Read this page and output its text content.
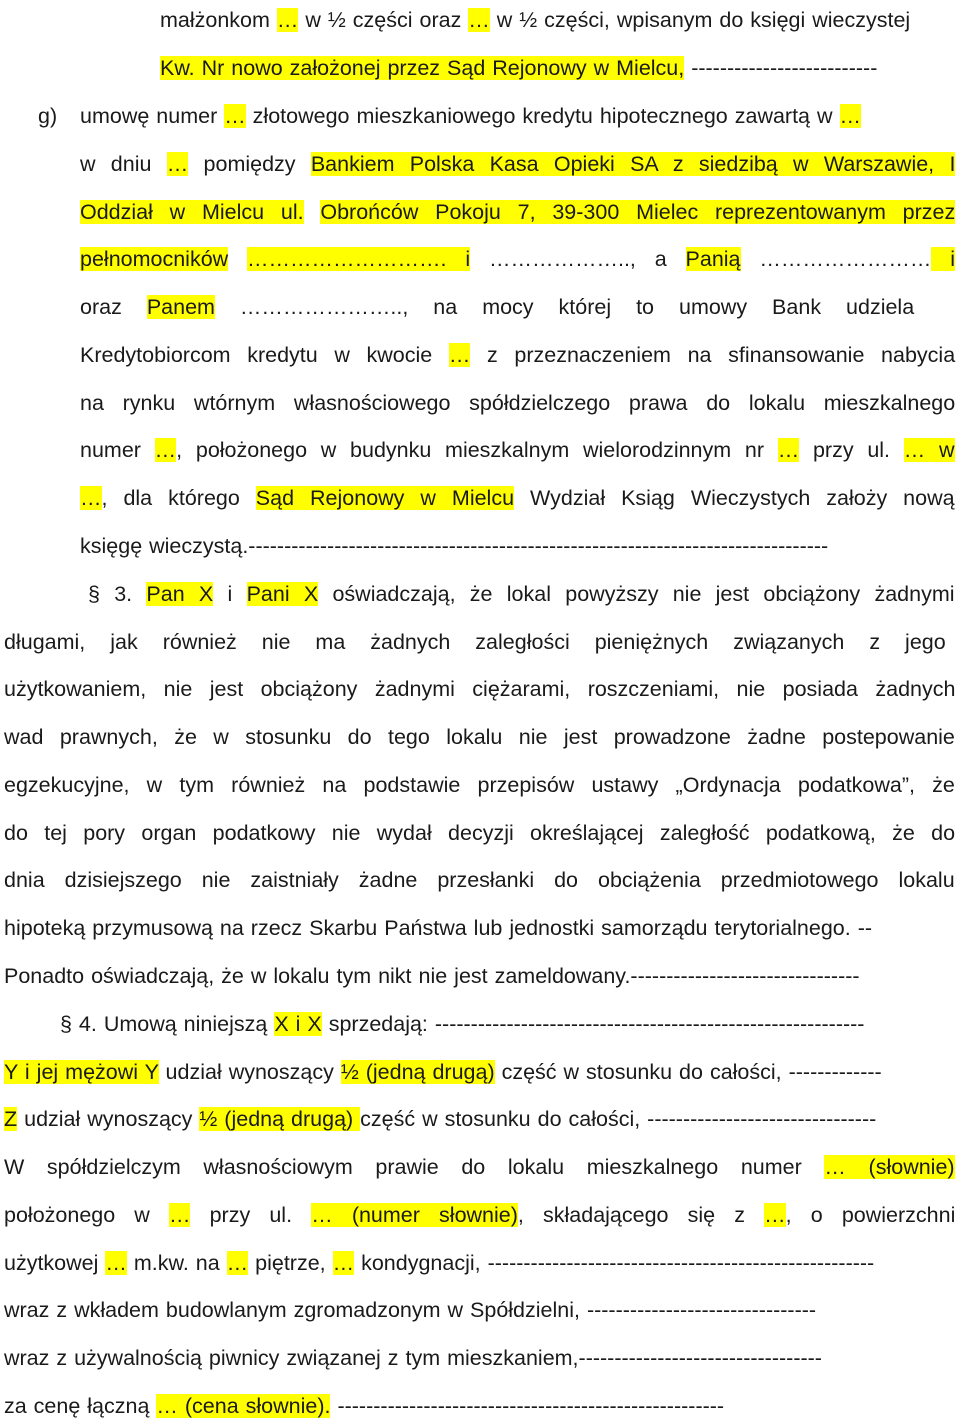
g)
małżonkom … w ½ części oraz … w ½ części, wpisanym do księgi wieczystej
Kw. Nr nowo założonej przez Sąd Rejonowy w Mielcu, --------------------------
umowę numer … złotowego mieszkaniowego kredytu hipotecznego zawartą w …
w dniu … pomiędzy Bankiem Polska Kasa Opieki SA z siedzibą w Warszawie, I
Oddział w Mielcu ul. Obrońców Pokoju 7, 39-300 Mielec reprezentowanym przez
pełnomocników ………………………. i ……………….., a Panią …………………… i
oraz Panem ………………….., na mocy której to umowy Bank udziela
Kredytobiorcom kredytu w kwocie … z przeznaczeniem na sfinansowanie nabycia
na rynku wtórnym własnościowego spółdzielczego prawa do lokalu mieszkalnego
numer …, położonego w budynku mieszkalnym wielorodzinnym nr … przy ul. … w
…, dla którego Sąd Rejonowy w Mielcu Wydział Ksiąg Wieczystych założy nową
księgę wieczystą.---------------------------------------------------------------------------------
§ 3. Pan X i Pani X oświadczają, że lokal powyższy nie jest obciążony żadnymi
długami, jak również nie ma żadnych zaległości pieniężnych związanych z jego
użytkowaniem, nie jest obciążony żadnymi ciężarami, roszczeniami, nie posiada żadnych
wad prawnych, że w stosunku do tego lokalu nie jest prowadzone żadne postepowanie
egzekucyjne, w tym również na podstawie przepisów ustawy „Ordynacja podatkowa”, że
do tej pory organ podatkowy nie wydał decyzji określającej zaległość podatkową, że do
dnia dzisiejszego nie zaistniały żadne przesłanki do obciążenia przedmiotowego lokalu
hipoteką przymusową na rzecz Skarbu Państwa lub jednostki samorządu terytorialnego. --
Ponadto oświadczają, że w lokalu tym nikt nie jest zameldowany.--------------------------------
§ 4. Umową niniejszą X i X sprzedają: ------------------------------------------------------------
Y i jej mężowi Y udział wynoszący ½ (jedną drugą) część w stosunku do całości, -------------
Z udział wynoszący ½ (jedną drugą) część w stosunku do całości, --------------------------------
W spółdzielczym własnościowym prawie do lokalu mieszkalnego numer … (słownie)
położonego w … przy ul. … (numer słownie), składającego się z …, o powierzchni
użytkowej … m.kw. na … piętrze, … kondygnacji, ------------------------------------------------------
wraz z wkładem budowlanym zgromadzonym w Spółdzielni, --------------------------------
wraz z używalnością piwnicy związanej z tym mieszkaniem,----------------------------------
za cenę łączną … (cena słownie). ------------------------------------------------------
